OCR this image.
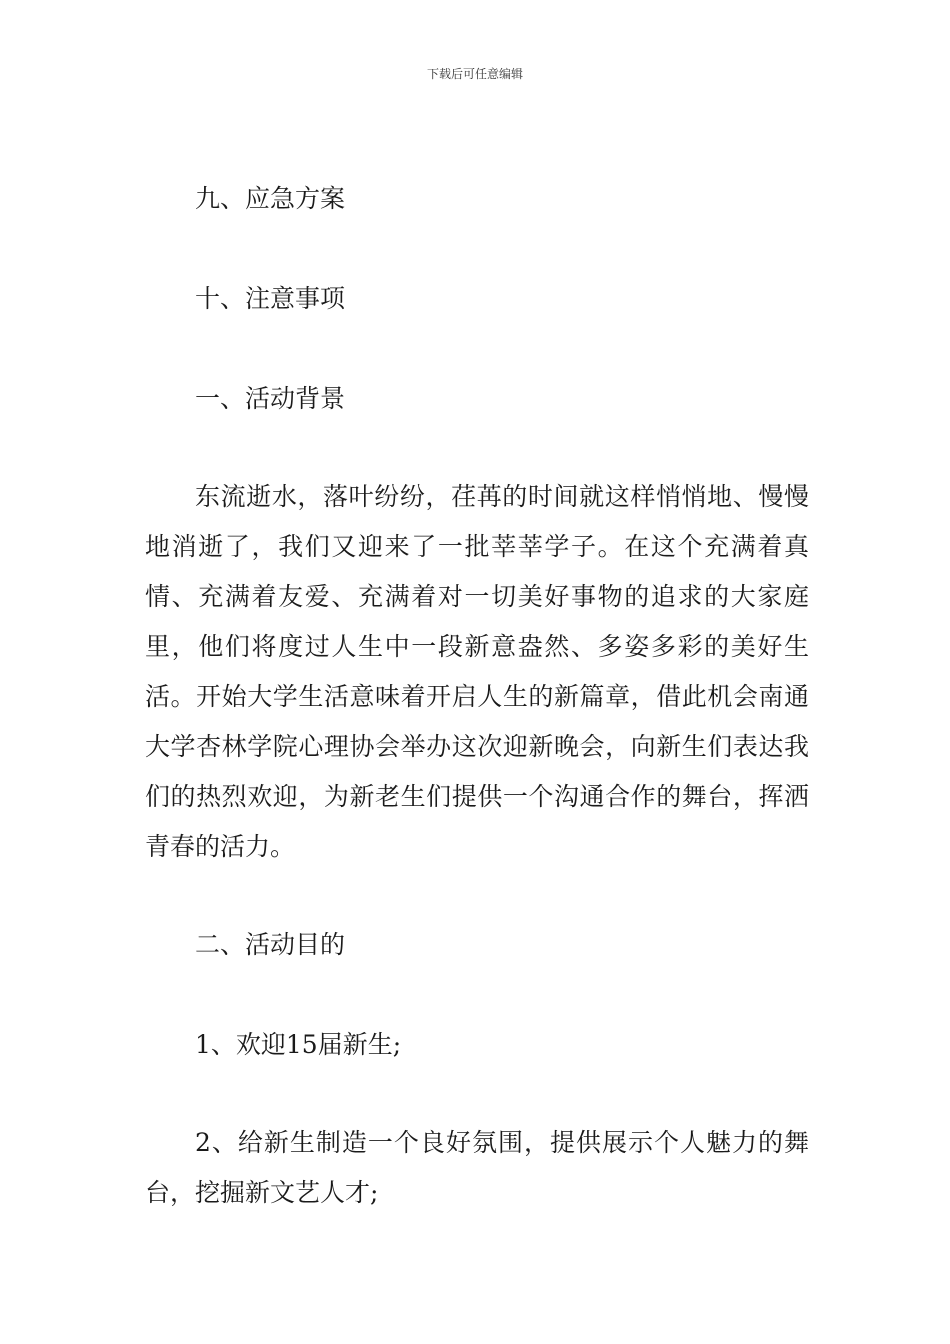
下载后可任意编辑
九、应急方案
十、注意事项
一、活动背景
东流逝水，落叶纷纷，荏苒的时间就这样悄悄地、慢慢地消逝了，我们又迎来了一批莘莘学子。在这个充满着真情、充满着友爱、充满着对一切美好事物的追求的大家庭里，他们将度过人生中一段新意盎然、多姿多彩的美好生活。开始大学生活意味着开启人生的新篇章，借此机会南通大学杏林学院心理协会举办这次迎新晚会，向新生们表达我们的热烈欢迎，为新老生们提供一个沟通合作的舞台，挥洒青春的活力。
二、活动目的
1、欢迎15届新生;
2、给新生制造一个良好氛围，提供展示个人魅力的舞台，挖掘新文艺人才;
